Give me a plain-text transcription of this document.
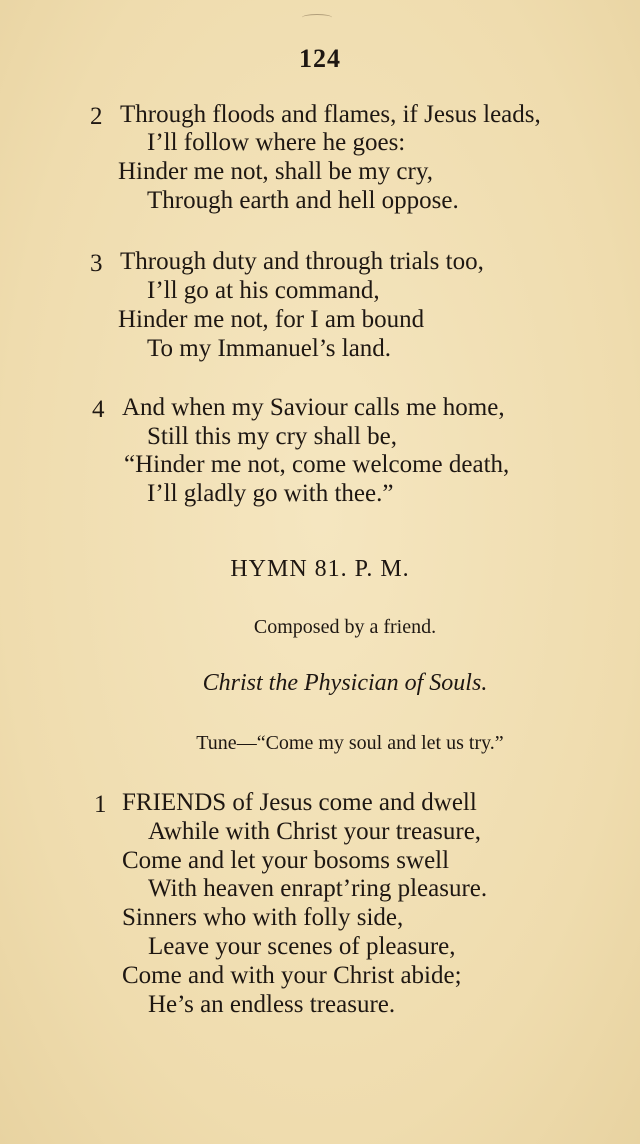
124
2 Through floods and flames, if Jesus leads,
I’ll follow where he goes:
Hinder me not, shall be my cry,
Through earth and hell oppose.
3 Through duty and through trials too,
I’ll go at his command,
Hinder me not, for I am bound
To my Immanuel’s land.
4 And when my Saviour calls me home,
Still this my cry shall be,
“Hinder me not, come welcome death,
I’ll gladly go with thee.”
HYMN 81. P. M.
Composed by a friend.
Christ the Physician of Souls.
Tune—“Come my soul and let us try.”
1 FRIENDS of Jesus come and dwell
Awhile with Christ your treasure,
Come and let your bosoms swell
With heaven enrapt’ring pleasure.
Sinners who with folly side,
Leave your scenes of pleasure,
Come and with your Christ abide;
He’s an endless treasure.
